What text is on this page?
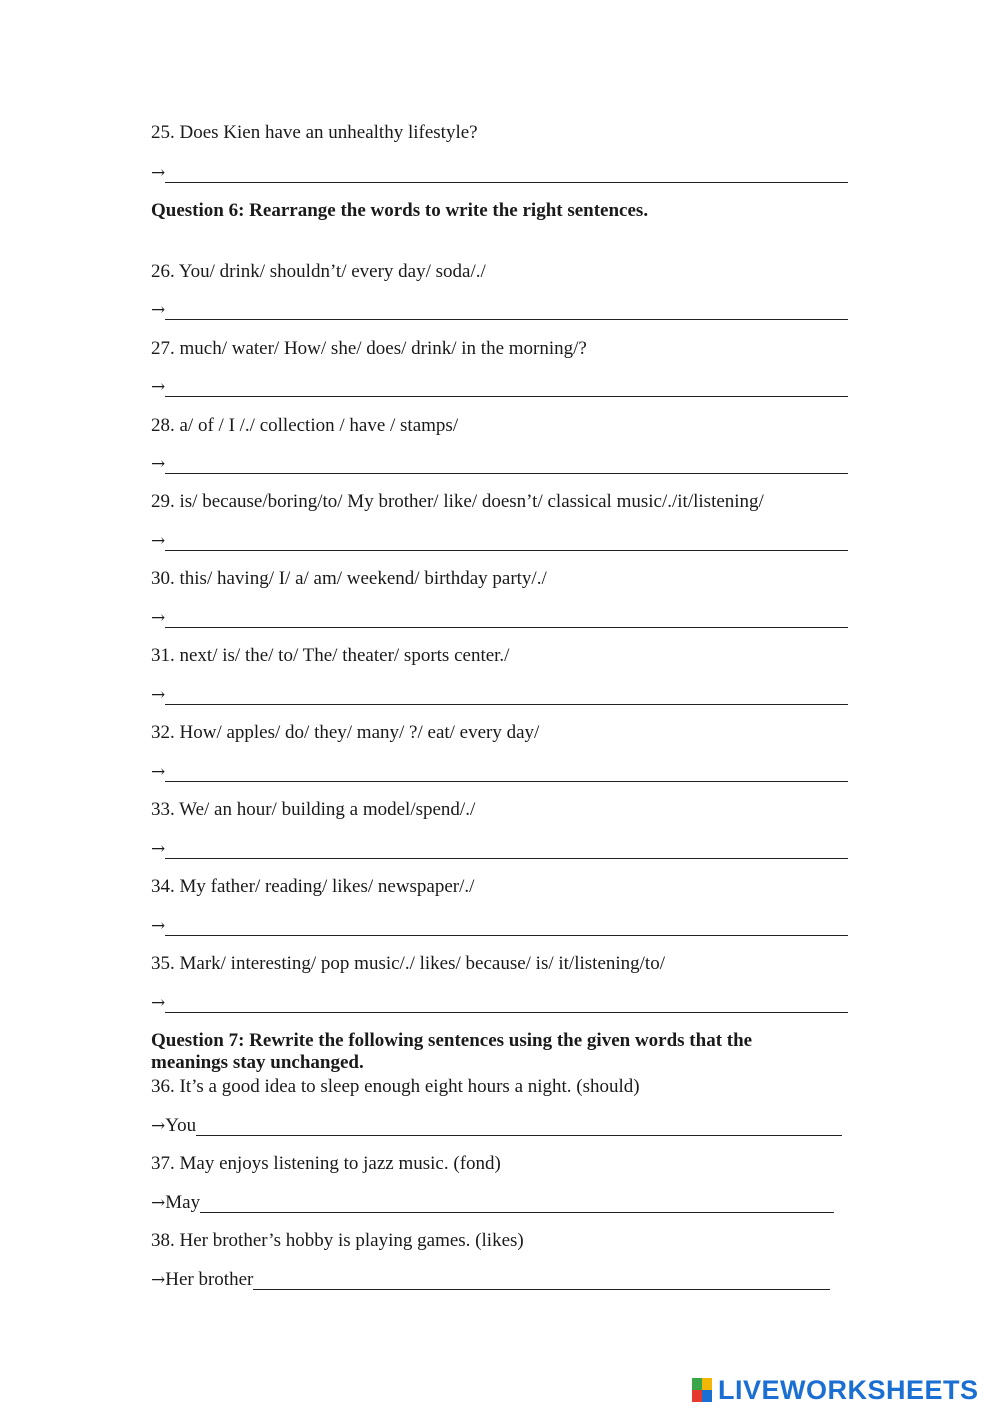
25. Does Kien have an unhealthy lifestyle?
→
Question 6: Rearrange the words to write the right sentences.
26. You/ drink/ shouldn’t/ every day/ soda/./
→
27. much/ water/ How/ she/ does/ drink/ in the morning/?
→
28. a/ of / I /./ collection / have / stamps/
→
29. is/ because/boring/to/ My brother/ like/ doesn’t/ classical music/./it/listening/
→
30. this/ having/ I/ a/ am/ weekend/ birthday party/./
→
31. next/ is/ the/ to/ The/ theater/ sports center./
→
32. How/ apples/ do/ they/ many/ ?/ eat/ every day/
→
33. We/ an hour/ building a model/spend/./
→
34. My father/ reading/ likes/ newspaper/./
→
35. Mark/ interesting/ pop music/./ likes/ because/ is/ it/listening/to/
→
Question 7: Rewrite the following sentences using the given words that the meanings stay unchanged.
36. It’s a good idea to sleep enough eight hours a night. (should)
→ You
37. May enjoys listening to jazz music. (fond)
→ May
38. Her brother’s hobby is playing games. (likes)
→ Her brother
LIVEWORKSHEETS
